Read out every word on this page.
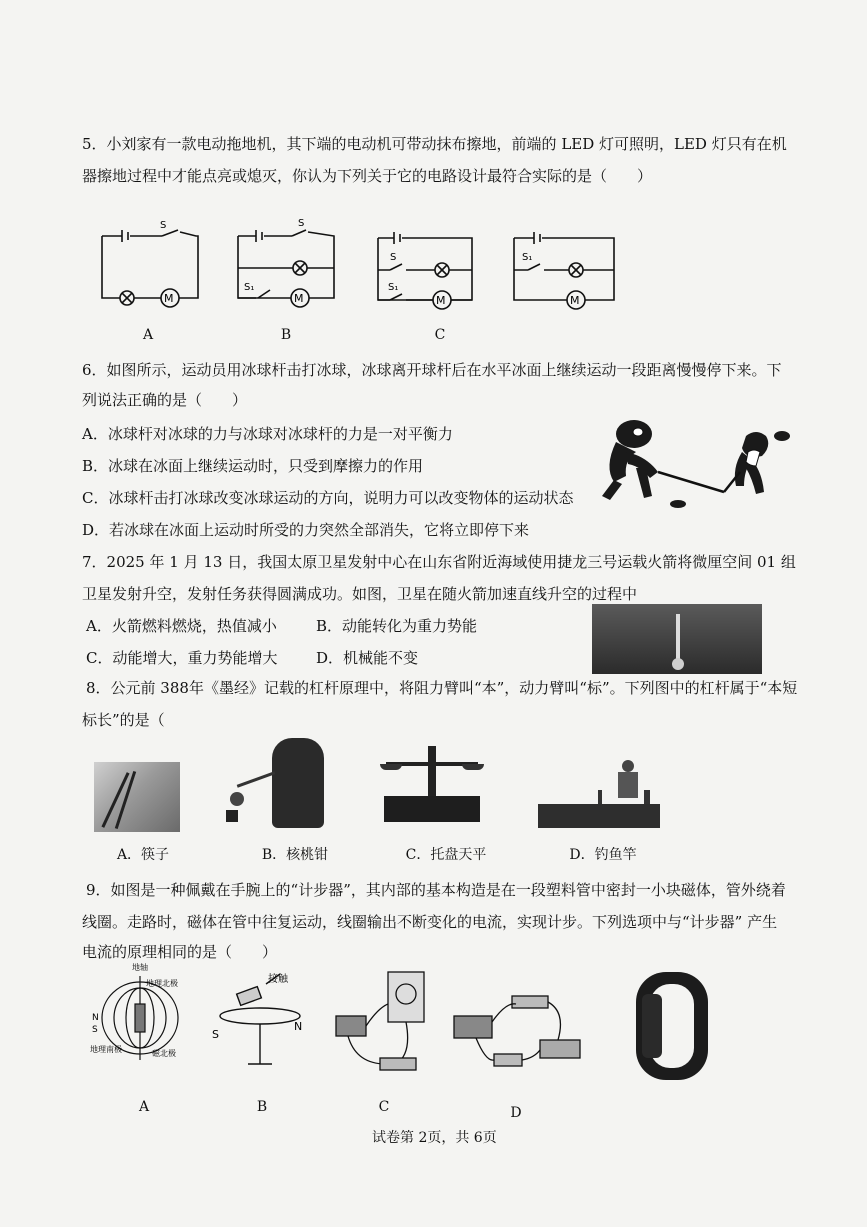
5．小刘家有一款电动拖地机，其下端的电动机可带动抹布擦地，前端的 LED 灯可照明，LED 灯只有在机
器擦地过程中才能点亮或熄灭，你认为下列关于它的电路设计最符合实际的是（　　）
M
S
A
M
S
S₁
B
M
S
S₁
C
M
S₁
6．如图所示，运动员用冰球杆击打冰球，冰球离开球杆后在水平冰面上继续运动一段距离慢慢停下来。下
列说法正确的是（　　）
A．冰球杆对冰球的力与冰球对冰球杆的力是一对平衡力
B．冰球在冰面上继续运动时，只受到摩擦力的作用
C．冰球杆击打冰球改变冰球运动的方向，说明力可以改变物体的运动状态
D．若冰球在冰面上运动时所受的力突然全部消失，它将立即停下来
7．2025 年 1 月 13 日，我国太原卫星发射中心在山东省附近海域使用捷龙三号运载火箭将微厘空间 01 组
卫星发射升空，发射任务获得圆满成功。如图，卫星在随火箭加速直线升空的过程中
A．火箭燃料燃烧，热值减小	B．动能转化为重力势能
C．动能增大，重力势能增大	D．机械能不变
8．公元前 388年《墨经》记载的杠杆原理中，将阻力臂叫“本”，动力臂叫“标”。下列图中的杠杆属于“本短
标长”的是（
A．筷子	B．核桃钳	C．托盘天平	D．钓鱼竿
9．如图是一种佩戴在手腕上的“计步器”，其内部的基本构造是在一段塑料管中密封一小块磁体，管外绕着
线圈。走路时，磁体在管中往复运动，线圈输出不断变化的电流，实现计步。下列选项中与“计步器” 产生
电流的原理相同的是（　　）
地轴
地理北极
地理南极	磁北极
N
S
接触
S
N
A	B	C	D
试卷第 2页，共 6页
